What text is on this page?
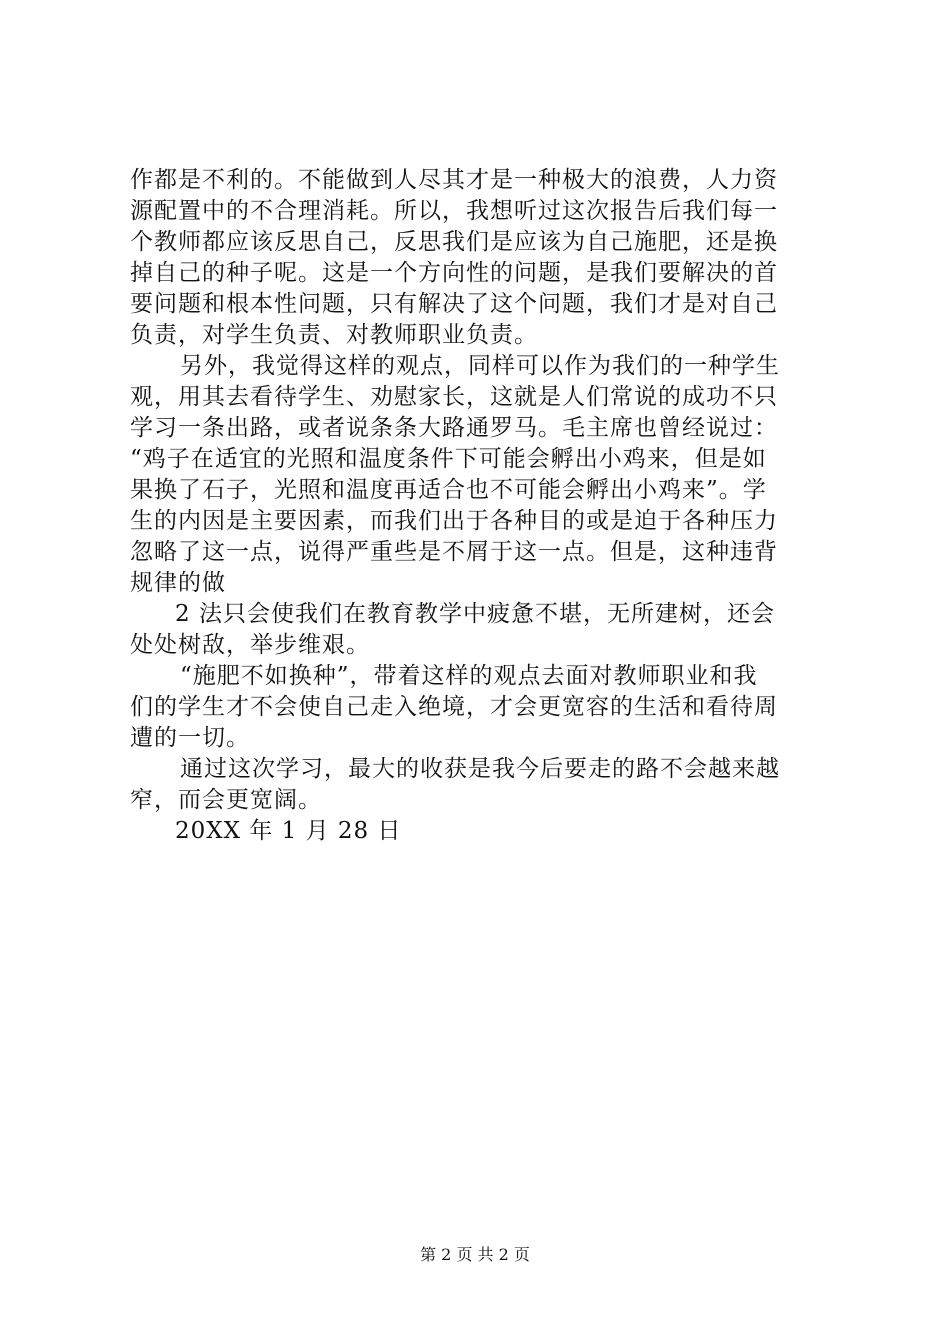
作都是不利的。不能做到人尽其才是一种极大的浪费，人力资
源配置中的不合理消耗。所以，我想听过这次报告后我们每一
个教师都应该反思自己，反思我们是应该为自己施肥，还是换
掉自己的种子呢。这是一个方向性的问题，是我们要解决的首
要问题和根本性问题，只有解决了这个问题，我们才是对自己
负责，对学生负责、对教师职业负责。
另外，我觉得这样的观点，同样可以作为我们的一种学生
观，用其去看待学生、劝慰家长，这就是人们常说的成功不只
学习一条出路，或者说条条大路通罗马。毛主席也曾经说过：
“鸡子在适宜的光照和温度条件下可能会孵出小鸡来，但是如
果换了石子，光照和温度再适合也不可能会孵出小鸡来”。学
生的内因是主要因素，而我们出于各种目的或是迫于各种压力
忽略了这一点，说得严重些是不屑于这一点。但是，这种违背
规律的做
2 法只会使我们在教育教学中疲惫不堪，无所建树，还会
处处树敌，举步维艰。
“施肥不如换种”，带着这样的观点去面对教师职业和我
们的学生才不会使自己走入绝境，才会更宽容的生活和看待周
遭的一切。
通过这次学习，最大的收获是我今后要走的路不会越来越
窄，而会更宽阔。
20XX 年 1 月 28 日
第 2 页 共 2 页
